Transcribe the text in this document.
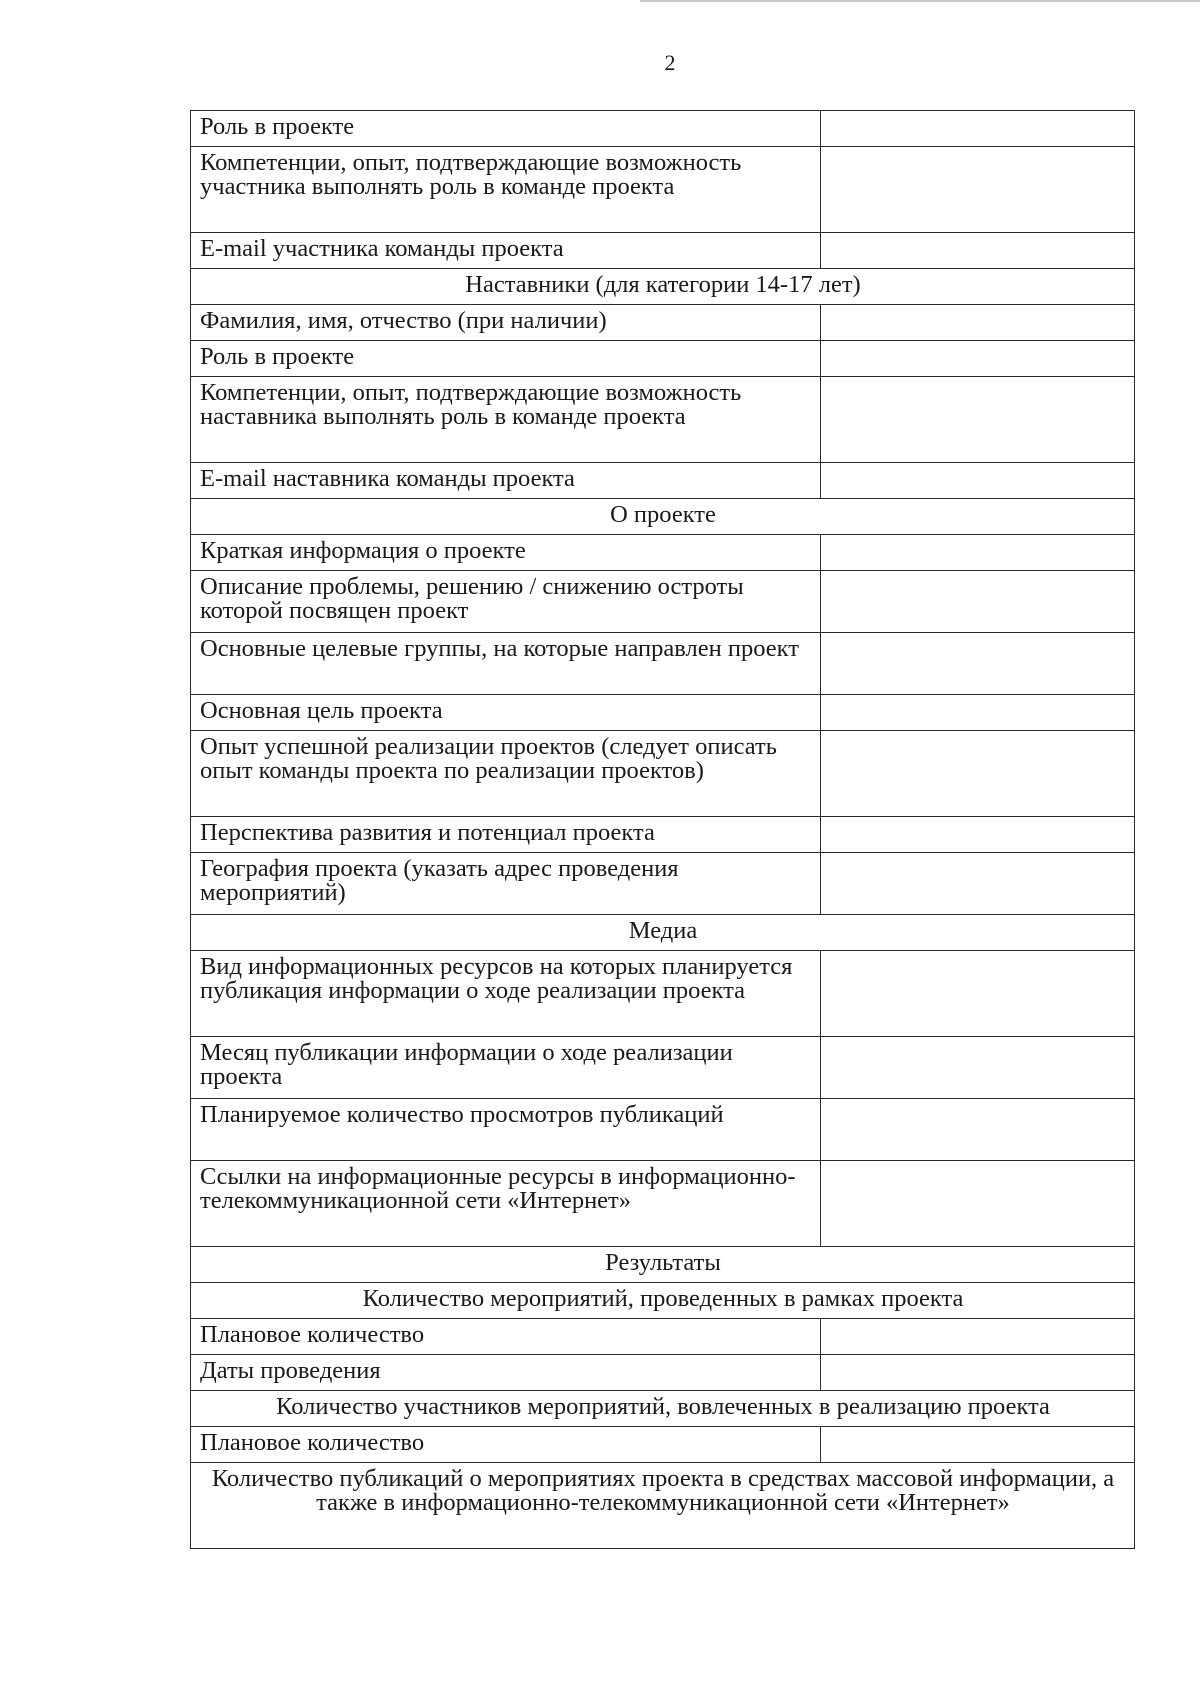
2
Роль в проекте	
Компетенции, опыт, подтверждающие возможность участника выполнять роль в команде проекта	
E-mail участника команды проекта	
Наставники (для категории 14-17 лет)	
Фамилия, имя, отчество (при наличии)	
Роль в проекте	
Компетенции, опыт, подтверждающие возможность наставника выполнять роль в команде проекта	
E-mail наставника команды проекта	
О проекте	
Краткая информация о проекте	
Описание проблемы, решению / снижению остроты которой посвящен проект	
Основные целевые группы, на которые направлен проект	
Основная цель проекта	
Опыт успешной реализации проектов (следует описать опыт команды проекта по реализации проектов)	
Перспектива развития и потенциал проекта	
География проекта (указать адрес проведения мероприятий)	
Медиа	
Вид информационных ресурсов на которых планируется публикация информации о ходе реализации проекта	
Месяц публикации информации о ходе реализации проекта	
Планируемое количество просмотров публикаций	
Ссылки на информационные ресурсы в информационно-телекоммуникационной сети «Интернет»	
Результаты	
Количество мероприятий, проведенных в рамках проекта	
Плановое количество	
Даты проведения	
Количество участников мероприятий, вовлеченных в реализацию проекта	
Плановое количество	
Количество публикаций о мероприятиях проекта в средствах массовой информации, а также в информационно-телекоммуникационной сети «Интернет»	
